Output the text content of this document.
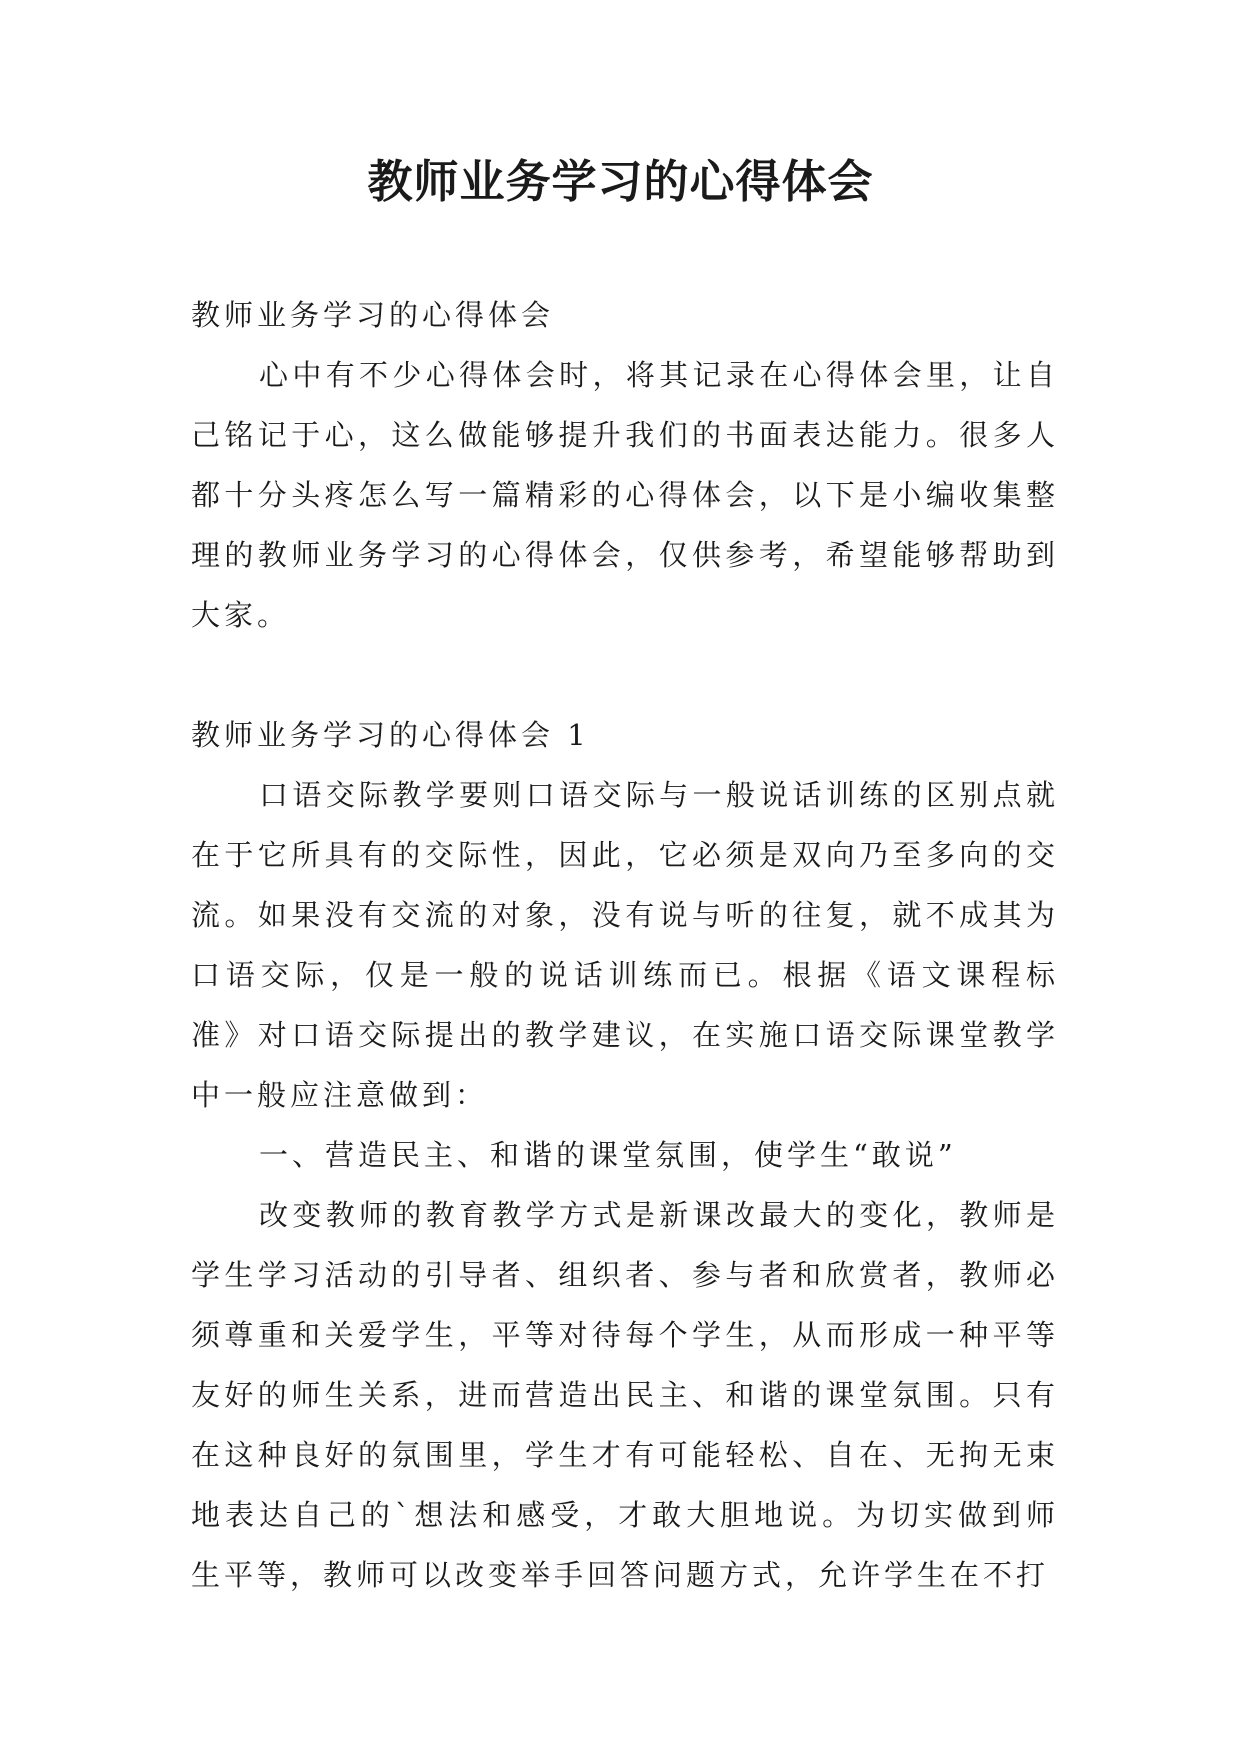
教师业务学习的心得体会

教师业务学习的心得体会

心中有不少心得体会时，将其记录在心得体会里，让自己铭记于心，这么做能够提升我们的书面表达能力。很多人都十分头疼怎么写一篇精彩的心得体会，以下是小编收集整理的教师业务学习的心得体会，仅供参考，希望能够帮助到大家。

教师业务学习的心得体会 1

口语交际教学要则口语交际与一般说话训练的区别点就在于它所具有的交际性，因此，它必须是双向乃至多向的交流。如果没有交流的对象，没有说与听的往复，就不成其为口语交际，仅是一般的说话训练而已。根据《语文课程标准》对口语交际提出的教学建议，在实施口语交际课堂教学中一般应注意做到：

一、营造民主、和谐的课堂氛围，使学生“敢说”

改变教师的教育教学方式是新课改最大的变化，教师是学生学习活动的引导者、组织者、参与者和欣赏者，教师必须尊重和关爱学生，平等对待每个学生，从而形成一种平等友好的师生关系，进而营造出民主、和谐的课堂氛围。只有在这种良好的氛围里，学生才有可能轻松、自在、无拘无束地表达自己的`想法和感受，才敢大胆地说。为切实做到师生平等，教师可以改变举手回答问题方式，允许学生在不打
